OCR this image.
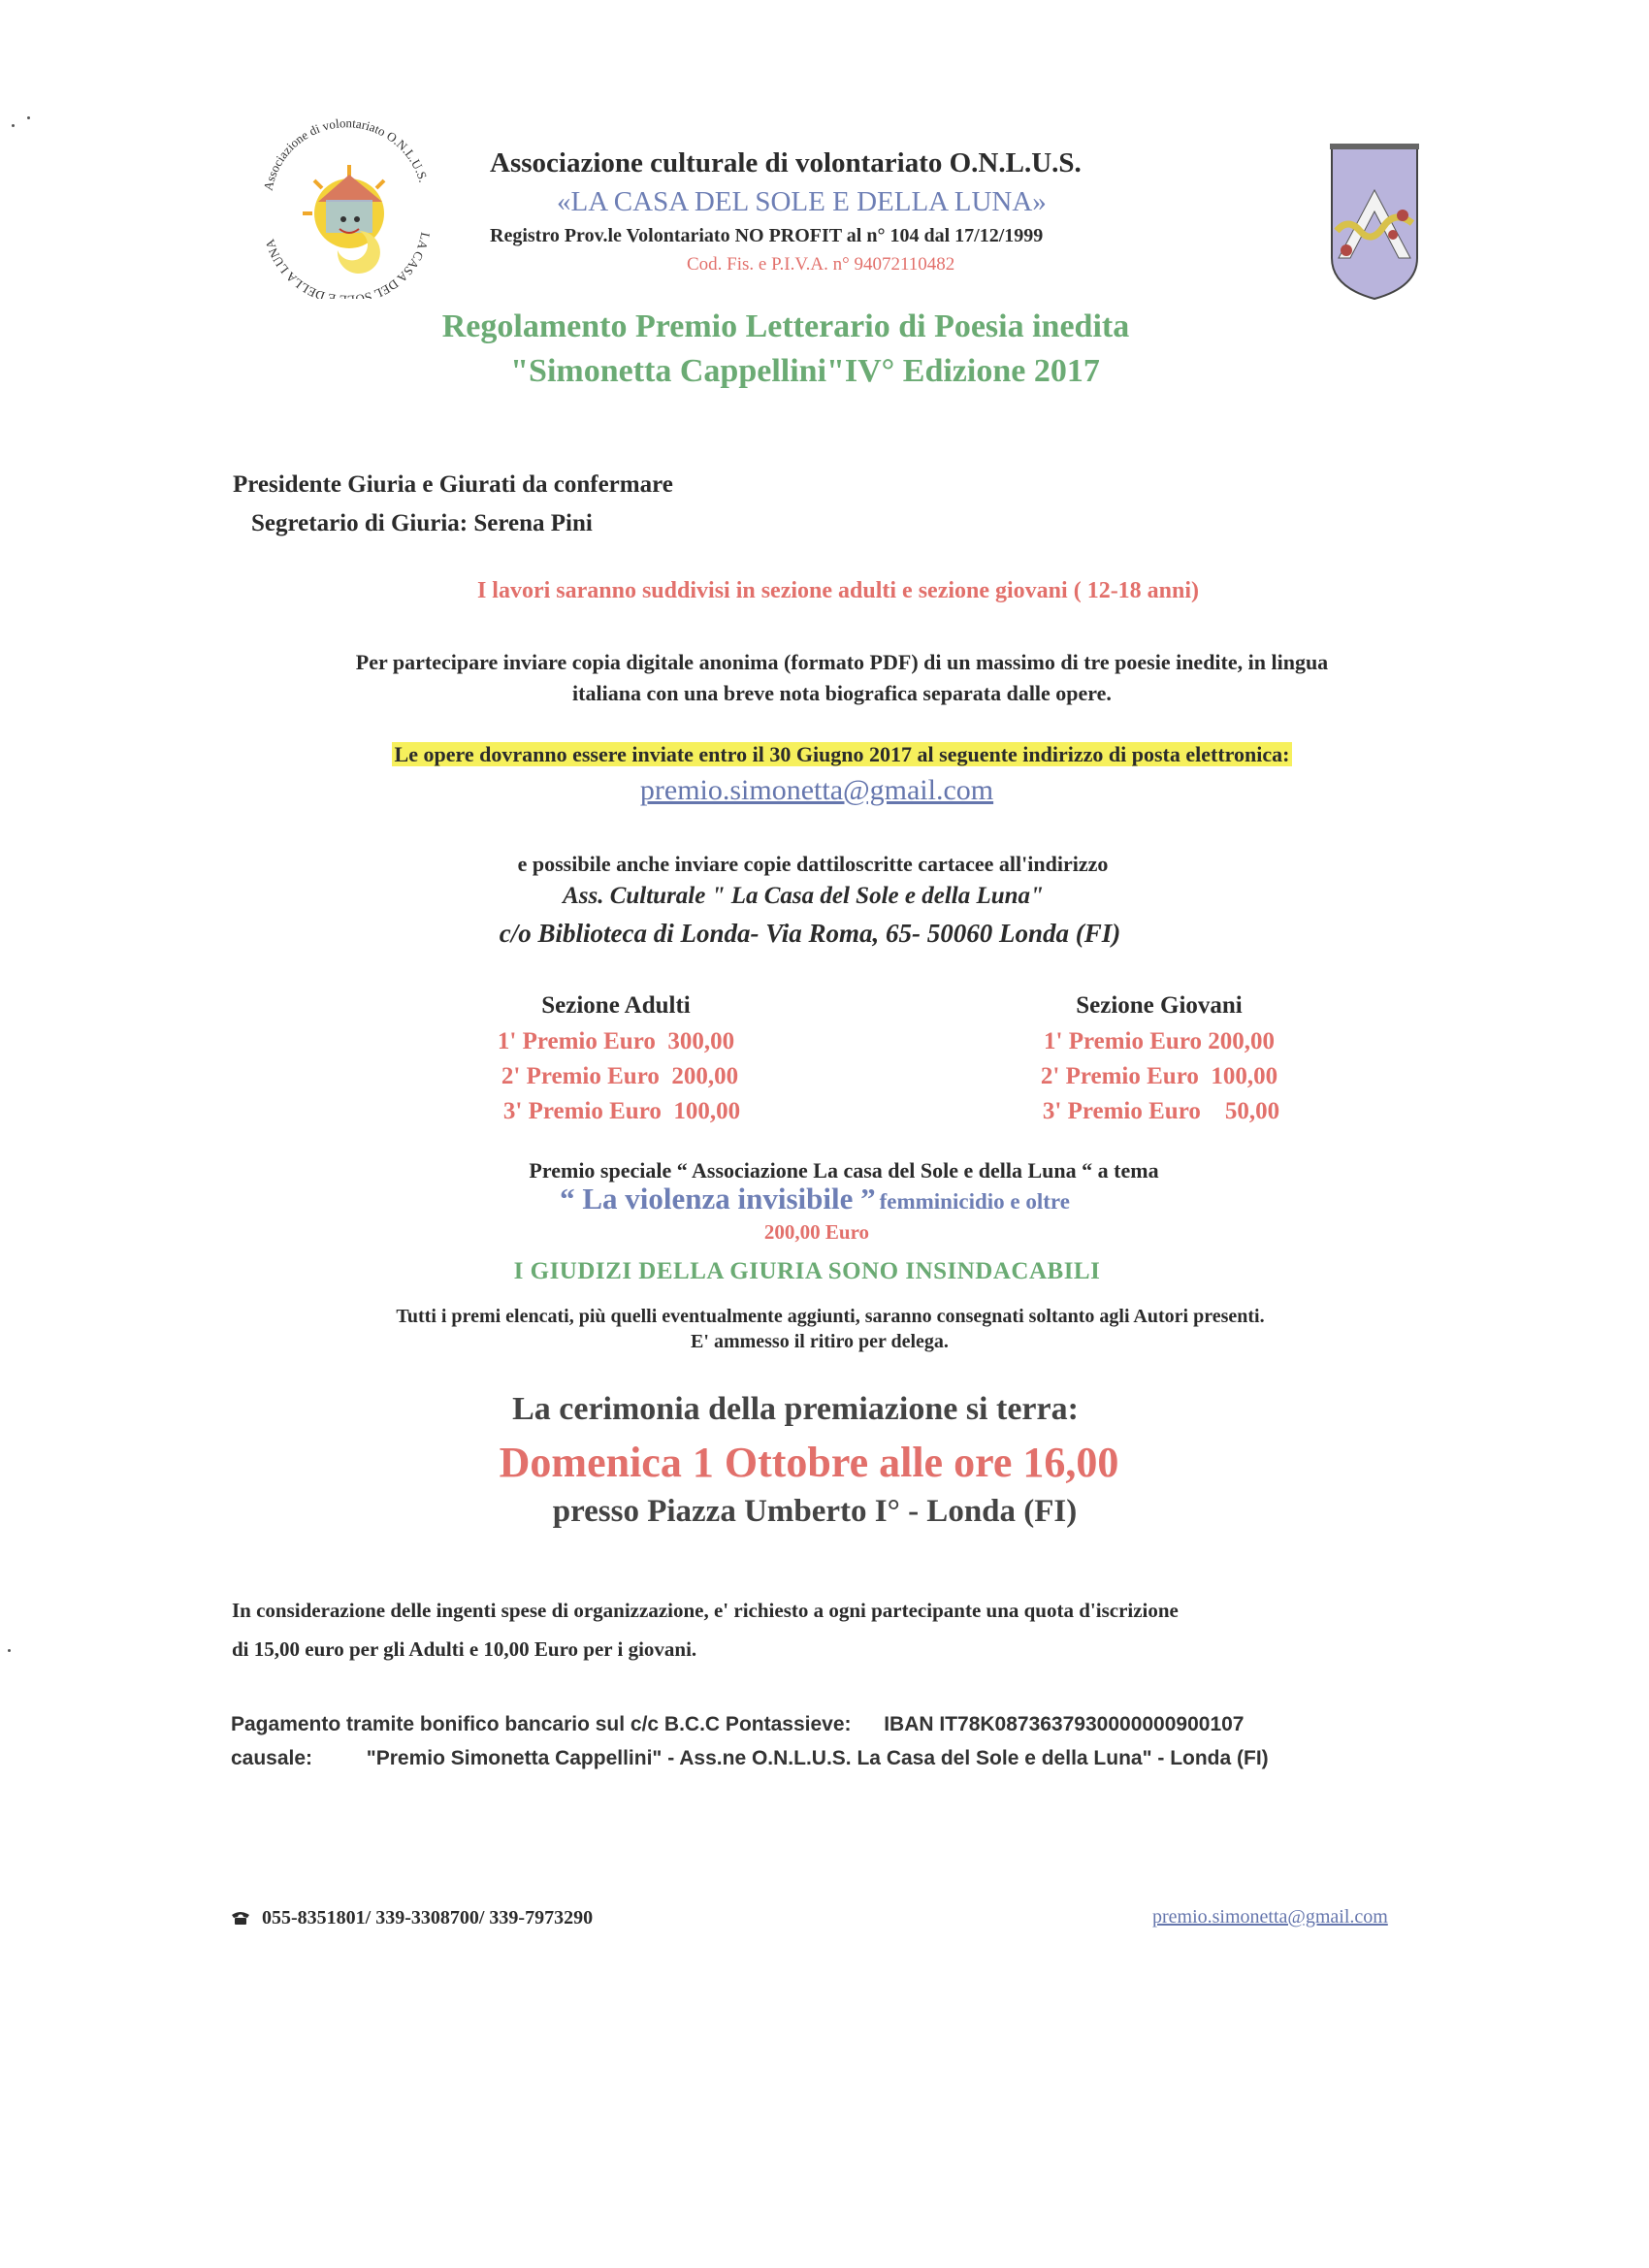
Associazione di volontariato O.N.L.U.S.
LA CASA DEL S E DELLA LUNA
Associazione culturale di volontariato O.N.L.U.S.
«LA CASA DEL SOLE E DELLA LUNA»
Registro Prov.le Volontariato NO PROFIT al n° 104 dal 17/12/1999
Cod. Fis. e P.I.V.A. n° 94072110482
Regolamento Premio Letterario di Poesia inedita
"Simonetta Cappellini"IV° Edizione 2017
Presidente Giuria e Giurati da confermare
Segretario di Giuria: Serena Pini
I lavori saranno suddivisi in sezione adulti e sezione giovani ( 12-18 anni)
Per partecipare inviare copia digitale anonima (formato PDF) di un massimo di tre poesie inedite, in lingua
italiana con una breve nota biografica separata dalle opere.
Le opere dovranno essere inviate entro il 30 Giugno 2017 al seguente indirizzo di posta elettronica:
premio.simonetta@gmail.com
e possibile anche inviare copie dattiloscritte cartacee all'indirizzo
Ass. Culturale " La Casa del Sole e della Luna"
c/o Biblioteca di Londa- Via Roma, 65- 50060 Londa (FI)
Sezione Adulti
1' Premio Euro  300,00
2' Premio Euro  200,00
3' Premio Euro  100,00
Sezione Giovani
1' Premio Euro 200,00
2' Premio Euro  100,00
3' Premio Euro    50,00
Premio speciale “ Associazione La casa del Sole e della Luna “ a tema
“ La violenza invisibile ” femminicidio e oltre
200,00 Euro
I GIUDIZI DELLA GIURIA SONO INSINDACABILI
Tutti i premi elencati, più quelli eventualmente aggiunti, saranno consegnati soltanto agli Autori presenti.
E' ammesso il ritiro per delega.
La cerimonia della premiazione si terra:
Domenica 1 Ottobre alle ore 16,00
presso Piazza Umberto I° - Londa (FI)
In considerazione delle ingenti spese di organizzazione, e' richiesto a ogni partecipante una quota d'iscrizione
di 15,00 euro per gli Adulti e 10,00 Euro per i giovani.
Pagamento tramite bonifico bancario sul c/c B.C.C Pontassieve: IBAN IT78K0873637930000000900107
causale:	"Premio Simonetta Cappellini" - Ass.ne O.N.L.U.S. La Casa del Sole e della Luna" - Londa (FI)
055-8351801/ 339-3308700/ 339-7973290	premio.simonetta@gmail.com
